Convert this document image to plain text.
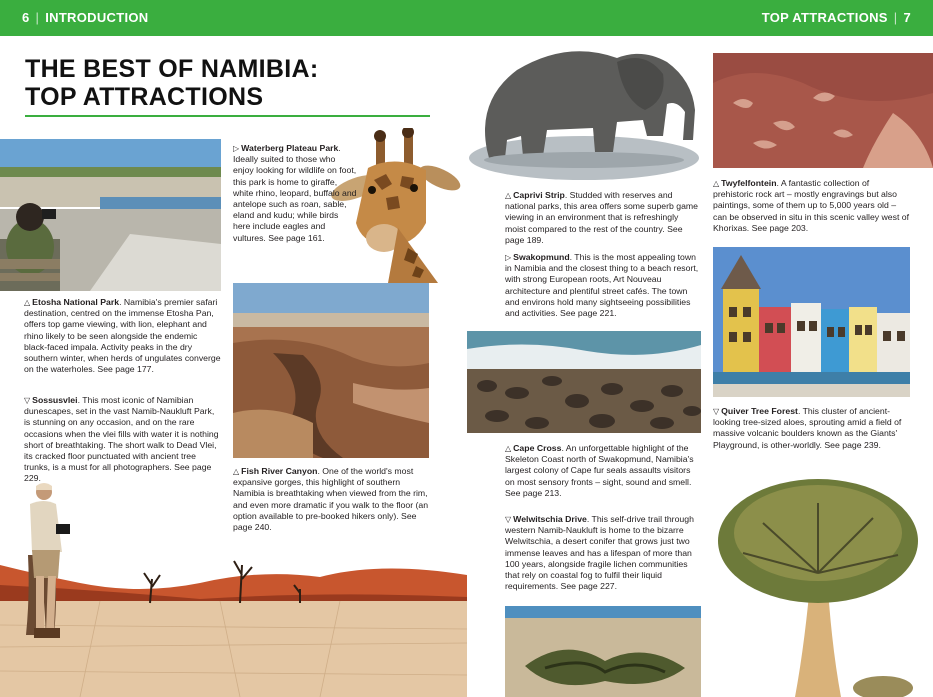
6 | INTRODUCTION	TOP ATTRACTIONS | 7
THE BEST OF NAMIBIA:
TOP ATTRACTIONS
△ Etosha National Park. Namibia's premier safari destination, centred on the immense Etosha Pan, offers top game viewing, with lion, elephant and rhino likely to be seen alongside the endemic black-faced impala. Activity peaks in the dry southern winter, when herds of ungulates converge on the waterholes. See page 177.
▽ Sossusvlei. This most iconic of Namibian dunescapes, set in the vast Namib-Naukluft Park, is stunning on any occasion, and on the rare occasions when the vlei fills with water it is nothing short of breathtaking. The short walk to Dead Vlei, its cracked floor punctuated with ancient tree trunks, is a must for all photographers. See page 229.
▷ Waterberg Plateau Park. Ideally suited to those who enjoy looking for wildlife on foot, this park is home to giraffe, white rhino, leopard, buffalo and antelope such as roan, sable, eland and kudu; while birds here include eagles and vultures. See page 161.
△ Fish River Canyon. One of the world's most expansive gorges, this highlight of southern Namibia is breathtaking when viewed from the rim, and even more dramatic if you walk to the floor (an option available to pre-booked hikers only). See page 240.
△ Caprivi Strip. Studded with reserves and national parks, this area offers some superb game viewing in an environment that is refreshingly moist compared to the rest of the country. See page 189.
▷ Swakopmund. This is the most appealing town in Namibia and the closest thing to a beach resort, with strong European roots, Art Nouveau architecture and plentiful street cafés. The town and environs hold many sightseeing possibilities and activities. See page 221.
△ Cape Cross. An unforgettable highlight of the Skeleton Coast north of Swakopmund, Namibia's largest colony of Cape fur seals assaults visitors on most sensory fronts – sight, sound and smell. See page 213.
▽ Welwitschia Drive. This self-drive trail through western Namib-Naukluft is home to the bizarre Welwitschia, a desert conifer that grows just two immense leaves and has a lifespan of more than 100 years, alongside fragile lichen communities that rely on coastal fog to fulfil their liquid requirements. See page 227.
△ Twyfelfontein. A fantastic collection of prehistoric rock art – mostly engravings but also paintings, some of them up to 5,000 years old – can be observed in situ in this scenic valley west of Khorixas. See page 203.
▽ Quiver Tree Forest. This cluster of ancient-looking tree-sized aloes, sprouting amid a field of massive volcanic boulders known as the Giants' Playground, is other-worldly. See page 239.
